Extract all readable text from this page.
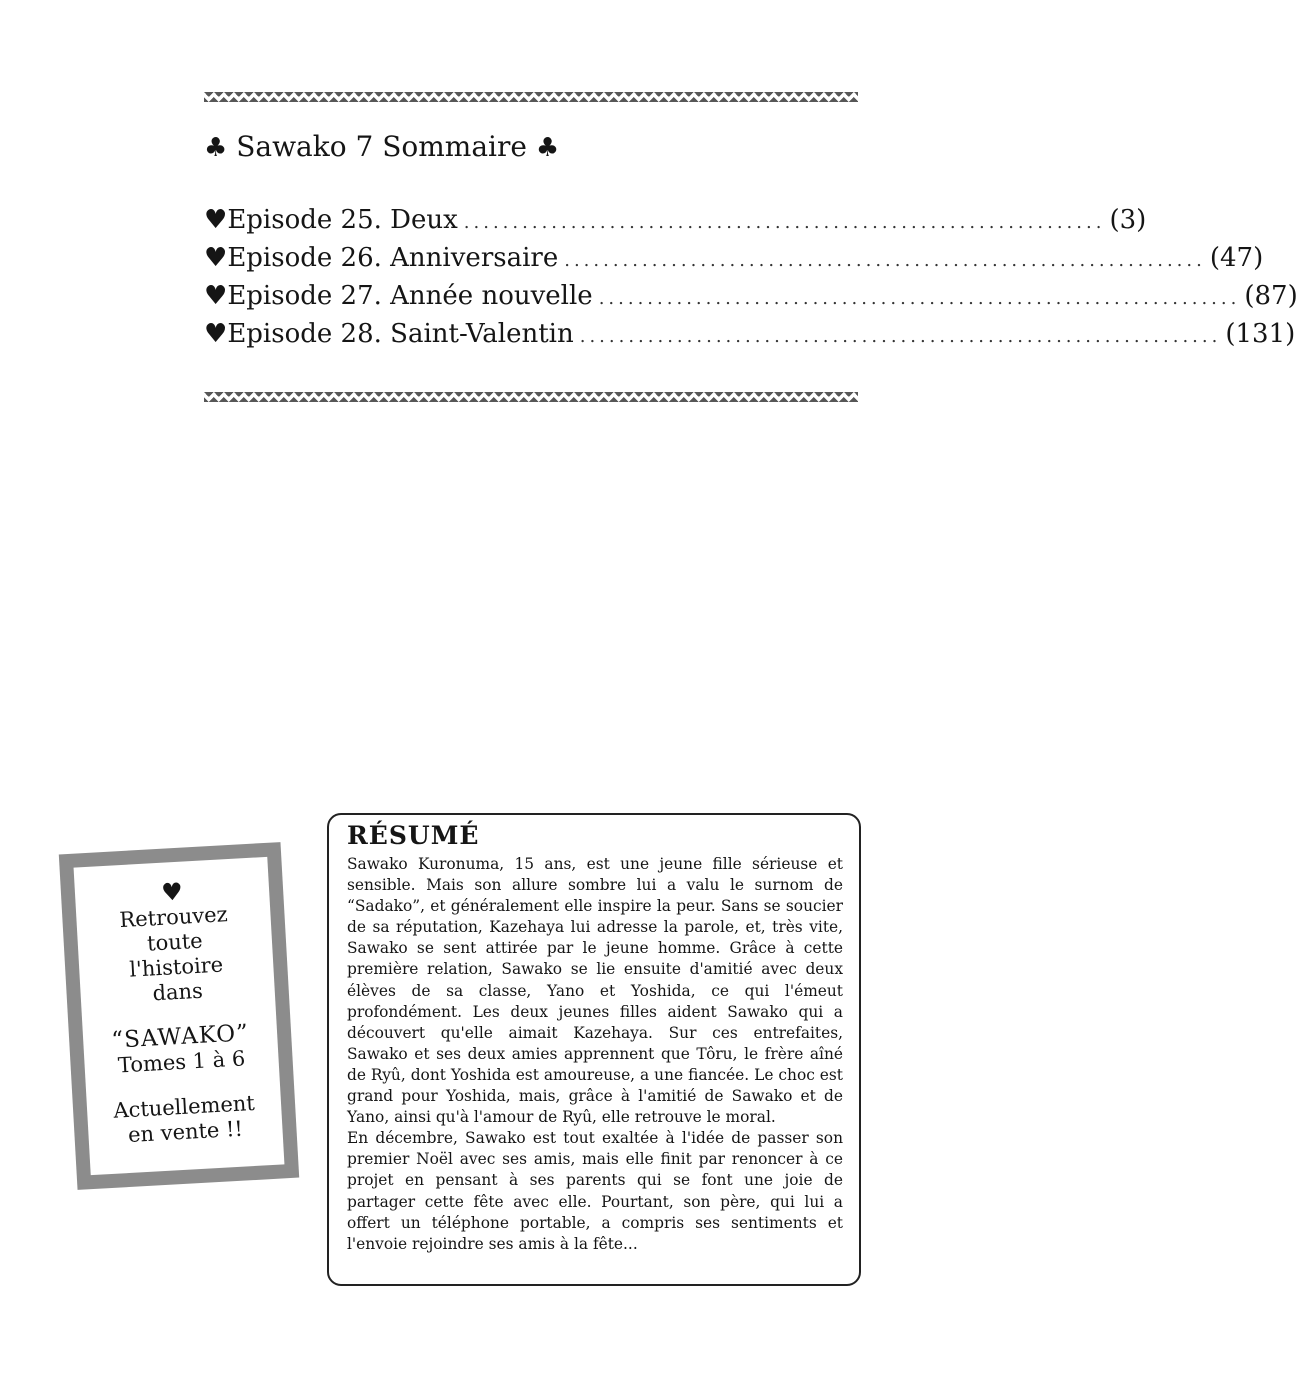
♣ Sawako 7 Sommaire ♣
♥ Episode 25. Deux .................................................................. (3)
♥ Episode 26. Anniversaire .................................................................. (47)
♥ Episode 27. Année nouvelle .................................................................. (87)
♥ Episode 28. Saint-Valentin .................................................................. (131)
♥
Retrouvez
toute
l'histoire
dans
“SAWAKO”
Tomes 1 à 6
Actuellement
en vente !!
RÉSUMÉ

Sawako Kuronuma, 15 ans, est une jeune fille sérieuse et sensible. Mais son allure sombre lui a valu le surnom de “Sadako”, et généralement elle inspire la peur. Sans se soucier de sa réputation, Kazehaya lui adresse la parole, et, très vite, Sawako se sent attirée par le jeune homme. Grâce à cette première relation, Sawako se lie ensuite d'amitié avec deux élèves de sa classe, Yano et Yoshida, ce qui l'émeut profondément. Les deux jeunes filles aident Sawako qui a découvert qu'elle aimait Kazehaya. Sur ces entrefaites, Sawako et ses deux amies apprennent que Tôru, le frère aîné de Ryû, dont Yoshida est amoureuse, a une fiancée. Le choc est grand pour Yoshida, mais, grâce à l'amitié de Sawako et de Yano, ainsi qu'à l'amour de Ryû, elle retrouve le moral.

En décembre, Sawako est tout exaltée à l'idée de passer son premier Noël avec ses amis, mais elle finit par renoncer à ce projet en pensant à ses parents qui se font une joie de partager cette fête avec elle. Pourtant, son père, qui lui a offert un téléphone portable, a compris ses sentiments et l'envoie rejoindre ses amis à la fête...
